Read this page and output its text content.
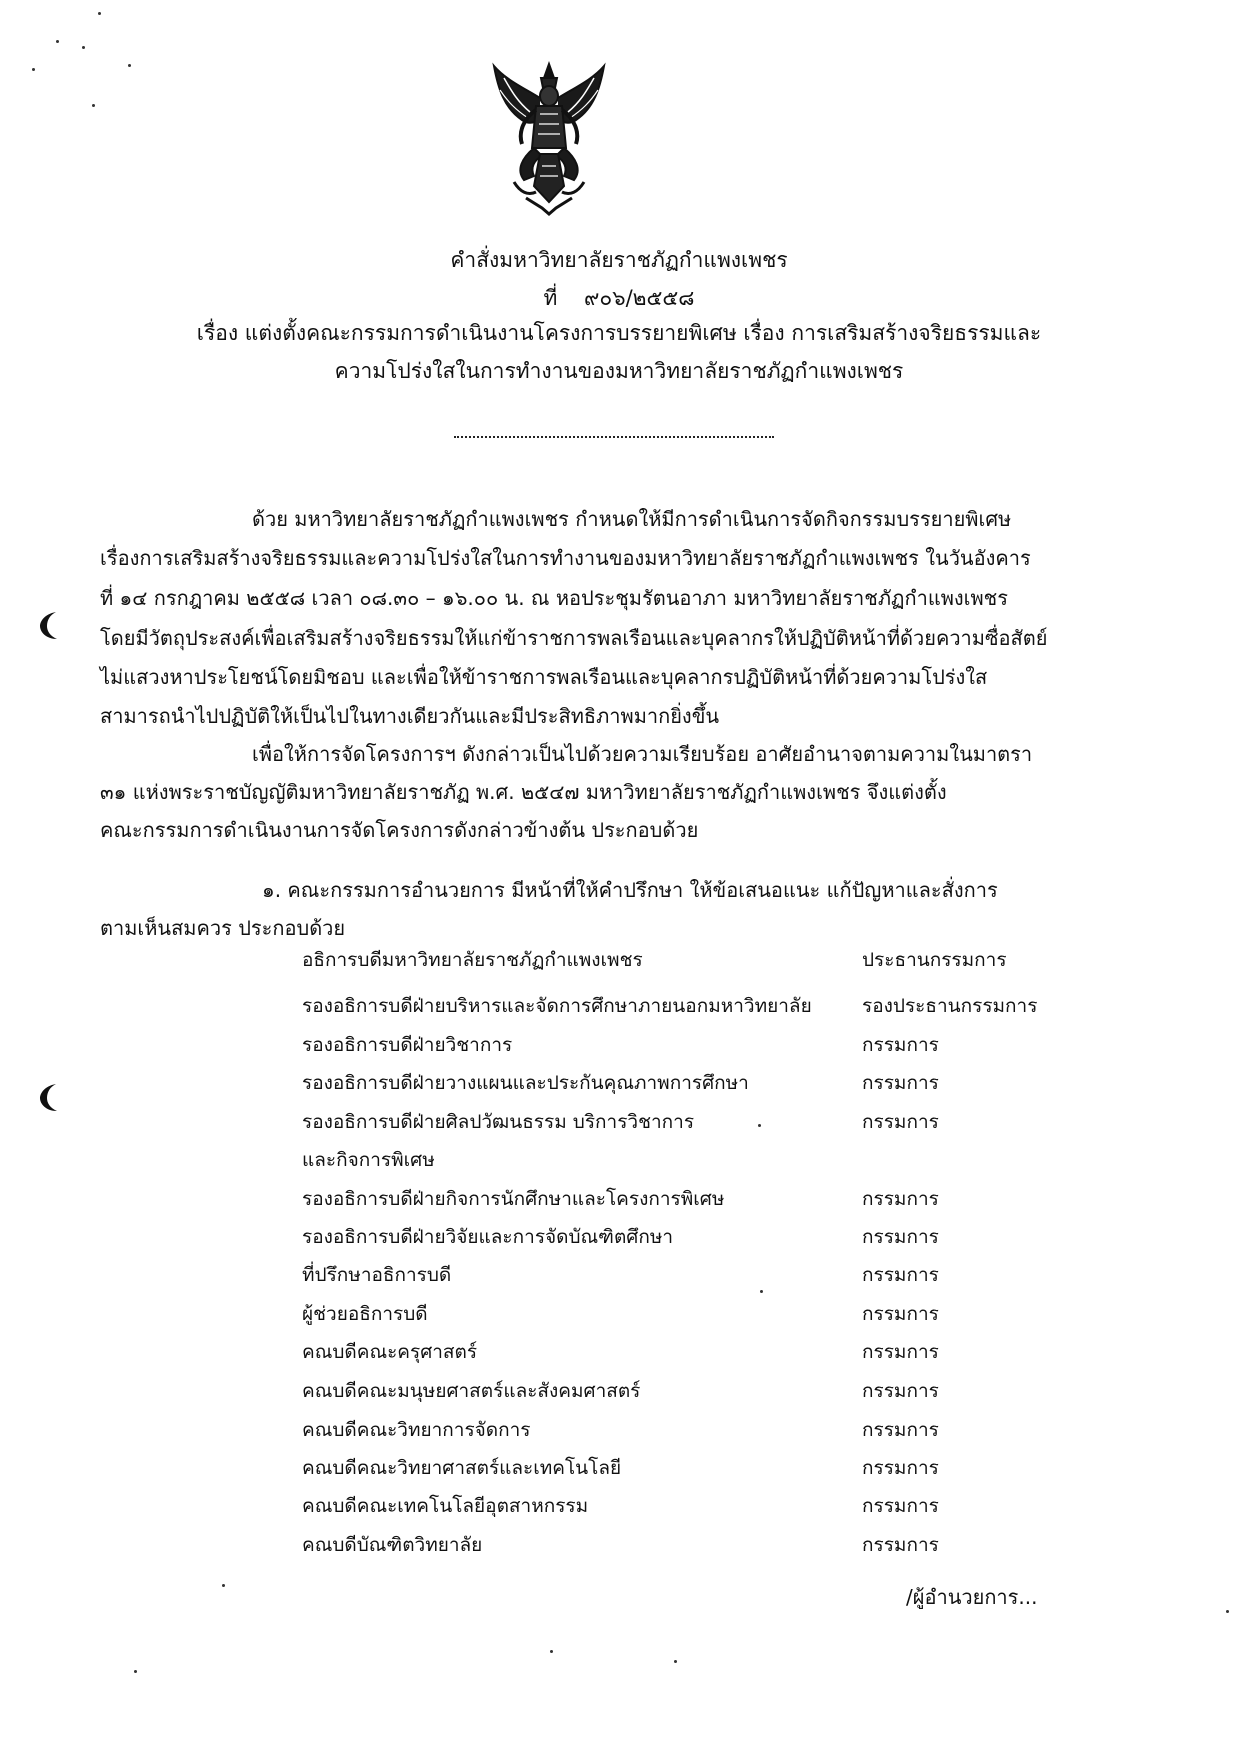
คำสั่งมหาวิทยาลัยราชภัฏกำแพงเพชร
ที่ ๙๐๖/๒๕๕๘
เรื่อง แต่งตั้งคณะกรรมการดำเนินงานโครงการบรรยายพิเศษ เรื่อง การเสริมสร้างจริยธรรมและ
ความโปร่งใสในการทำงานของมหาวิทยาลัยราชภัฏกำแพงเพชร
ด้วย มหาวิทยาลัยราชภัฏกำแพงเพชร กำหนดให้มีการดำเนินการจัดกิจกรรมบรรยายพิเศษ
เรื่องการเสริมสร้างจริยธรรมและความโปร่งใสในการทำงานของมหาวิทยาลัยราชภัฏกำแพงเพชร ในวันอังคาร
ที่ ๑๔ กรกฎาคม ๒๕๕๘ เวลา ๐๘.๓๐ – ๑๖.๐๐ น. ณ หอประชุมรัตนอาภา มหาวิทยาลัยราชภัฏกำแพงเพชร
โดยมีวัตถุประสงค์เพื่อเสริมสร้างจริยธรรมให้แก่ข้าราชการพลเรือนและบุคลากรให้ปฏิบัติหน้าที่ด้วยความซื่อสัตย์
ไม่แสวงหาประโยชน์โดยมิชอบ และเพื่อให้ข้าราชการพลเรือนและบุคลากรปฏิบัติหน้าที่ด้วยความโปร่งใส
สามารถนำไปปฏิบัติให้เป็นไปในทางเดียวกันและมีประสิทธิภาพมากยิ่งขึ้น
เพื่อให้การจัดโครงการฯ ดังกล่าวเป็นไปด้วยความเรียบร้อย อาศัยอำนาจตามความในมาตรา
๓๑ แห่งพระราชบัญญัติมหาวิทยาลัยราชภัฏ พ.ศ. ๒๕๔๗ มหาวิทยาลัยราชภัฏกำแพงเพชร จึงแต่งตั้ง
คณะกรรมการดำเนินงานการจัดโครงการดังกล่าวข้างต้น ประกอบด้วย
๑. คณะกรรมการอำนวยการ มีหน้าที่ให้คำปรึกษา ให้ข้อเสนอแนะ แก้ปัญหาและสั่งการ
ตามเห็นสมควร ประกอบด้วย
อธิการบดีมหาวิทยาลัยราชภัฏกำแพงเพชร	ประธานกรรมการ
รองอธิการบดีฝ่ายบริหารและจัดการศึกษาภายนอกมหาวิทยาลัย	รองประธานกรรมการ
รองอธิการบดีฝ่ายวิชาการ	กรรมการ
รองอธิการบดีฝ่ายวางแผนและประกันคุณภาพการศึกษา	กรรมการ
รองอธิการบดีฝ่ายศิลปวัฒนธรรม บริการวิชาการ	กรรมการ
และกิจการพิเศษ
รองอธิการบดีฝ่ายกิจการนักศึกษาและโครงการพิเศษ	กรรมการ
รองอธิการบดีฝ่ายวิจัยและการจัดบัณฑิตศึกษา	กรรมการ
ที่ปรึกษาอธิการบดี	กรรมการ
ผู้ช่วยอธิการบดี	กรรมการ
คณบดีคณะครุศาสตร์	กรรมการ
คณบดีคณะมนุษยศาสตร์และสังคมศาสตร์	กรรมการ
คณบดีคณะวิทยาการจัดการ	กรรมการ
คณบดีคณะวิทยาศาสตร์และเทคโนโลยี	กรรมการ
คณบดีคณะเทคโนโลยีอุตสาหกรรม	กรรมการ
คณบดีบัณฑิตวิทยาลัย	กรรมการ
/ผู้อำนวยการ...
